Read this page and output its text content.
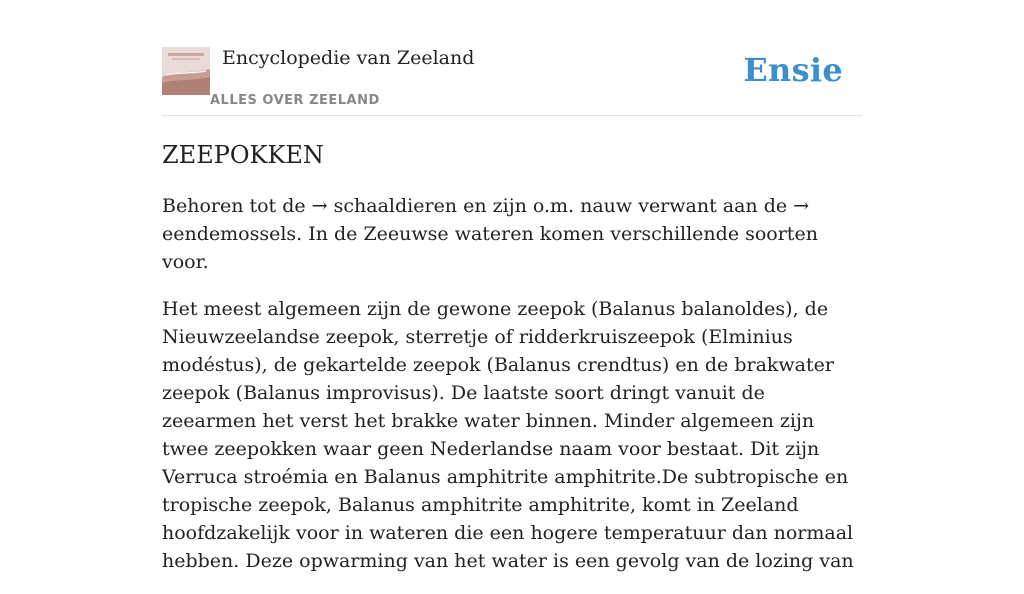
Encyclopedie van Zeeland
ALLES OVER ZEELAND
Ensie
ZEEPOKKEN

Behoren tot de → schaaldieren en zijn o.m. nauw verwant aan de → eendemossels. In de Zeeuwse wateren komen verschillende soorten voor.

Het meest algemeen zijn de gewone zeepok (Balanus balanoldes), de Nieuwzeelandse zeepok, sterretje of ridderkruiszeepok (Elminius modéstus), de gekartelde zeepok (Balanus crendtus) en de brakwater zeepok (Balanus improvisus). De laatste soort dringt vanuit de zeearmen het verst het brakke water binnen. Minder algemeen zijn twee zeepokken waar geen Nederlandse naam voor bestaat. Dit zijn Verruca stroémia en Balanus amphitrite amphitrite.De subtropische en tropische zeepok, Balanus amphitrite amphitrite, komt in Zeeland hoofdzakelijk voor in wateren die een hogere temperatuur dan normaal hebben. Deze opwarming van het water is een gevolg van de lozing van
